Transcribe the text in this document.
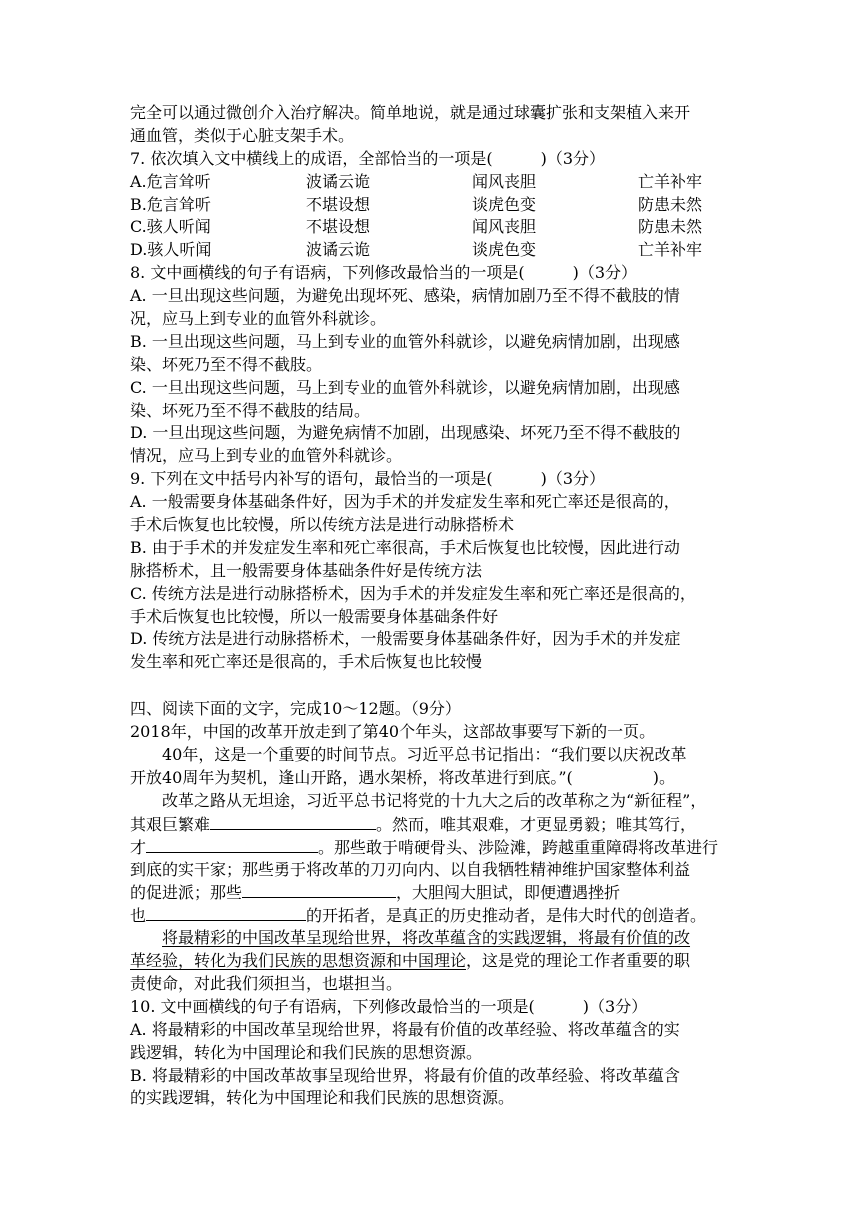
完全可以通过微创介入治疗解决。简单地说，就是通过球囊扩张和支架植入来开
通血管，类似于心脏支架手术。
7. 依次填入文中横线上的成语，全部恰当的一项是(　　　)（3分）
A.危言耸听	波谲云诡	闻风丧胆	亡羊补牢
B.危言耸听	不堪设想	谈虎色变	防患未然
C.骇人听闻	不堪设想	闻风丧胆	防患未然
D.骇人听闻	波谲云诡	谈虎色变	亡羊补牢
8. 文中画横线的句子有语病，下列修改最恰当的一项是(　　　)（3分）
A. 一旦出现这些问题，为避免出现坏死、感染，病情加剧乃至不得不截肢的情
况，应马上到专业的血管外科就诊。
B. 一旦出现这些问题，马上到专业的血管外科就诊，以避免病情加剧，出现感
染、坏死乃至不得不截肢。
C. 一旦出现这些问题，马上到专业的血管外科就诊，以避免病情加剧，出现感
染、坏死乃至不得不截肢的结局。
D. 一旦出现这些问题，为避免病情不加剧，出现感染、坏死乃至不得不截肢的
情况，应马上到专业的血管外科就诊。
9. 下列在文中括号内补写的语句，最恰当的一项是(　　　)（3分）
A. 一般需要身体基础条件好，因为手术的并发症发生率和死亡率还是很高的，
手术后恢复也比较慢，所以传统方法是进行动脉搭桥术
B. 由于手术的并发症发生率和死亡率很高，手术后恢复也比较慢，因此进行动
脉搭桥术，且一般需要身体基础条件好是传统方法
C. 传统方法是进行动脉搭桥术，因为手术的并发症发生率和死亡率还是很高的，
手术后恢复也比较慢，所以一般需要身体基础条件好
D. 传统方法是进行动脉搭桥术，一般需要身体基础条件好，因为手术的并发症
发生率和死亡率还是很高的，手术后恢复也比较慢
四、阅读下面的文字，完成10～12题。（9分）
2018年，中国的改革开放走到了第40个年头，这部故事要写下新的一页。
40年，这是一个重要的时间节点。习近平总书记指出：“我们要以庆祝改革
开放40周年为契机，逢山开路，遇水架桥，将改革进行到底。”(　　　　　)。
改革之路从无坦途，习近平总书记将党的十九大之后的改革称之为“新征程”，
其艰巨繁难	。然而，唯其艰难，才更显勇毅；唯其笃行，
才	。那些敢于啃硬骨头、涉险滩，跨越重重障碍将改革进行
到底的实干家；那些勇于将改革的刀刃向内、以自我牺牲精神维护国家整体利益
的促进派；那些	，大胆闯大胆试，即便遭遇挫折
也	的开拓者，是真正的历史推动者，是伟大时代的创造者。
将最精彩的中国改革呈现给世界，将改革蕴含的实践逻辑，将最有价值的改
革经验，转化为我们民族的思想资源和中国理论，这是党的理论工作者重要的职
责使命，对此我们须担当，也堪担当。
10. 文中画横线的句子有语病，下列修改最恰当的一项是(　　　)（3分）
A. 将最精彩的中国改革呈现给世界，将最有价值的改革经验、将改革蕴含的实
践逻辑，转化为中国理论和我们民族的思想资源。
B. 将最精彩的中国改革故事呈现给世界，将最有价值的改革经验、将改革蕴含
的实践逻辑，转化为中国理论和我们民族的思想资源。
